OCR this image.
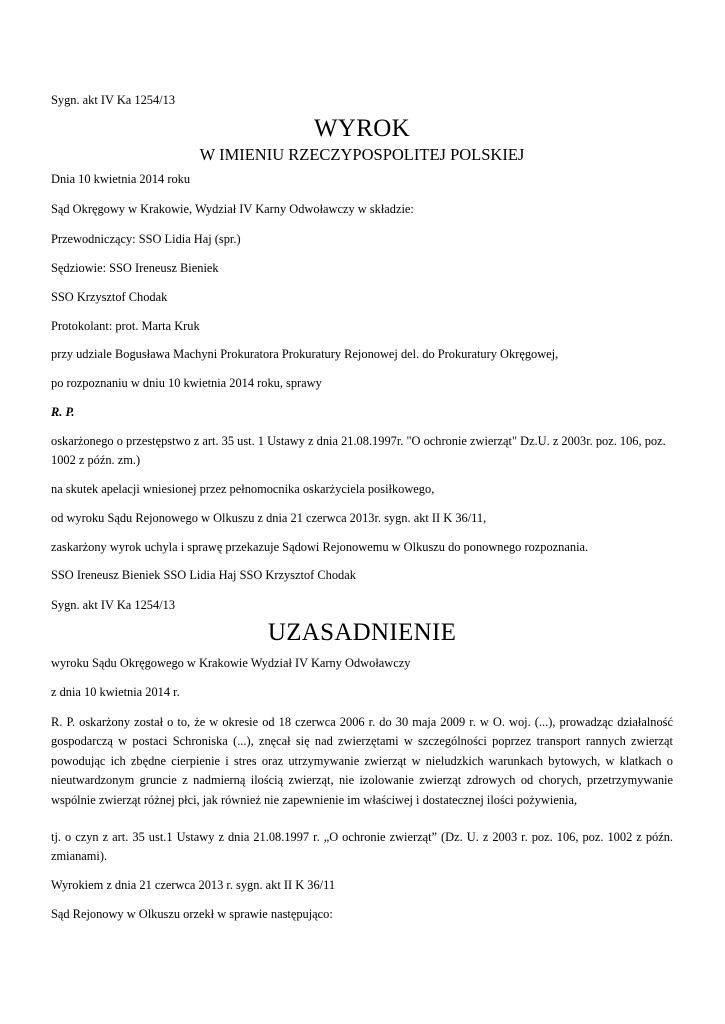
Sygn. akt IV Ka 1254/13
WYROK
W IMIENIU RZECZYPOSPOLITEJ POLSKIEJ
Dnia 10 kwietnia 2014 roku
Sąd Okręgowy w Krakowie, Wydział IV Karny Odwoławczy w składzie:
Przewodniczący: SSO Lidia Haj (spr.)
Sędziowie: SSO Ireneusz Bieniek
SSO Krzysztof Chodak
Protokolant: prot. Marta Kruk
przy udziale Bogusława Machyni Prokuratora Prokuratury Rejonowej del. do Prokuratury Okręgowej,
po rozpoznaniu w dniu 10 kwietnia 2014 roku, sprawy
R. P.
oskarżonego o przestępstwo z art. 35 ust. 1 Ustawy z dnia 21.08.1997r. "O ochronie zwierząt" Dz.U. z 2003r. poz. 106, poz. 1002 z późn. zm.)
na skutek apelacji wniesionej przez pełnomocnika oskarżyciela posiłkowego,
od wyroku Sądu Rejonowego w Olkuszu z dnia 21 czerwca 2013r. sygn. akt II K 36/11,
zaskarżony wyrok uchyla i sprawę przekazuje Sądowi Rejonowemu w Olkuszu do ponownego rozpoznania.
SSO Ireneusz Bieniek SSO Lidia Haj SSO Krzysztof Chodak
Sygn. akt IV Ka 1254/13
UZASADNIENIE
wyroku Sądu Okręgowego w Krakowie Wydział IV Karny Odwoławczy
z dnia 10 kwietnia 2014 r.
R. P. oskarżony został o to, że w okresie od 18 czerwca 2006 r. do 30 maja 2009 r. w O. woj. (...), prowadząc działalność gospodarczą w postaci Schroniska (...), znęcał się nad zwierzętami w szczególności poprzez transport rannych zwierząt powodując ich zbędne cierpienie i stres oraz utrzymywanie zwierząt w nieludzkich warunkach bytowych, w klatkach o nieutwardzonym gruncie z nadmierną ilością zwierząt, nie izolowanie zwierząt zdrowych od chorych, przetrzymywanie wspólnie zwierząt różnej płci, jak również nie zapewnienie im właściwej i dostatecznej ilości pożywienia,
tj. o czyn z art. 35 ust.1 Ustawy z dnia 21.08.1997 r. „O ochronie zwierząt” (Dz. U. z 2003 r. poz. 106, poz. 1002 z późn. zmianami).
Wyrokiem z dnia 21 czerwca 2013 r. sygn. akt II K 36/11
Sąd Rejonowy w Olkuszu orzekł w sprawie następująco:
